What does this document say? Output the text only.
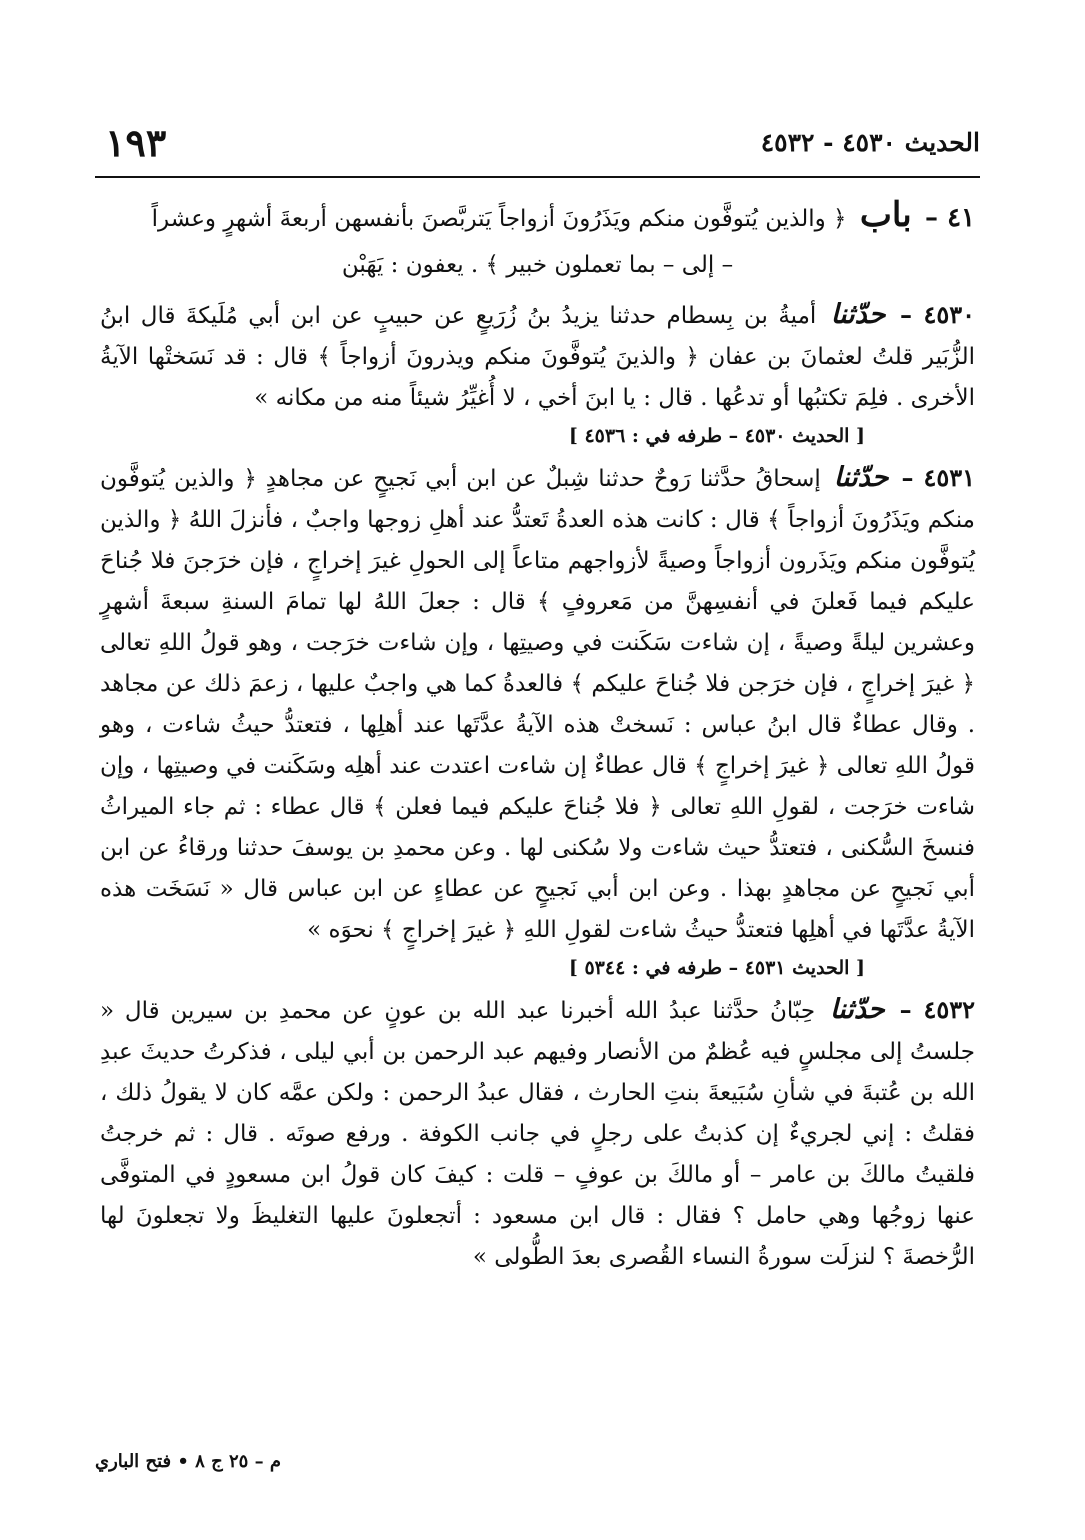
الحديث ٤٥٣٠ - ٤٥٣٢
١٩٣

٤١ – باب ﴿ والذين يُتوفَّون منكم ويَذَرُونَ أزواجاً يَتربَّصنَ بأنفسهن أربعةَ أشهرٍ وعشراً
– إلى – بما تعملون خبير ﴾ . يعفون : يَهَبْن

٤٥٣٠ – حدّثنا أميةُ بن بِسطام حدثنا يزيدُ بنُ زُرَيعٍ عن حبيبٍ عن ابن أبي مُلَيكةَ قال ابنُ الزُّبَير قلتُ لعثمانَ بن عفان ﴿ والذينَ يُتوفَّونَ منكم ويذرونَ أزواجاً ﴾ قال : قد نَسَختْها الآيةُ الأخرى . فلِمَ تكتبُها أو تدعُها . قال : يا ابنَ أخي ، لا أُغيِّرُ شيئاً منه من مكانه »

[ الحديث ٤٥٣٠ – طرفه في : ٤٥٣٦ ]

٤٥٣١ – حدّثنا إسحاقُ حدَّثنا رَوحٌ حدثنا شِبلٌ عن ابن أبي نَجيحٍ عن مجاهدٍ ﴿ والذين يُتوفَّون منكم ويَذَرُونَ أزواجاً ﴾ قال : كانت هذه العدةُ تَعتدُّ عند أهلِ زوجها واجبٌ ، فأنزلَ اللهُ ﴿ والذين يُتوفَّون منكم ويَذَرون أزواجاً وصيةً لأزواجهم متاعاً إلى الحولِ غيرَ إخراجٍ ، فإن خرَجنَ فلا جُناحَ عليكم فيما فَعلنَ في أنفسِهنَّ من مَعروفٍ ﴾ قال : جعلَ اللهُ لها تمامَ السنةِ سبعةَ أشهرٍ وعشرين ليلةً وصيةً ، إن شاءت سَكَنت في وصيتِها ، وإن شاءت خرَجت ، وهو قولُ اللهِ تعالى ﴿ غيرَ إخراجٍ ، فإن خرَجن فلا جُناحَ عليكم ﴾ فالعدةُ كما هي واجبٌ عليها ، زعمَ ذلك عن مجاهد . وقال عطاءٌ قال ابنُ عباس : نَسختْ هذه الآيةُ عدَّتَها عند أهلِها ، فتعتدُّ حيثُ شاءت ، وهو قولُ اللهِ تعالى ﴿ غيرَ إخراجٍ ﴾ قال عطاءٌ إن شاءت اعتدت عند أهلِه وسَكَنت في وصيتِها ، وإن شاءت خرَجت ، لقولِ اللهِ تعالى ﴿ فلا جُناحَ عليكم فيما فعلن ﴾ قال عطاء : ثم جاء الميراثُ فنسخَ السُّكنى ، فتعتدُّ حيث شاءت ولا سُكنى لها . وعن محمدِ بن يوسفَ حدثنا ورقاءُ عن ابن أبي نَجيحٍ عن مجاهدٍ بهذا . وعن ابن أبي نَجيحٍ عن عطاءٍ عن ابن عباس قال « نَسَخَت هذه الآيةُ عدَّتَها في أهلِها فتعتدُّ حيثُ شاءت لقولِ اللهِ ﴿ غيرَ إخراجٍ ﴾ نحوَه »

[ الحديث ٤٥٣١ – طرفه في : ٥٣٤٤ ]

٤٥٣٢ – حدّثنا حِبّانُ حدَّثنا عبدُ الله أخبرنا عبد الله بن عونٍ عن محمدِ بن سيرين قال « جلستُ إلى مجلسٍ فيه عُظمٌ من الأنصار وفيهم عبد الرحمن بن أبي ليلى ، فذكرتُ حديثَ عبدِ الله بن عُتبةَ في شأنِ سُبَيعةَ بنتِ الحارث ، فقال عبدُ الرحمن : ولكن عمَّه كان لا يقولُ ذلك ، فقلتُ : إني لجريءٌ إن كذبتُ على رجلٍ في جانب الكوفة . ورفع صوتَه . قال : ثم خرجتُ فلقيتُ مالكَ بن عامر – أو مالكَ بن عوفٍ – قلت : كيفَ كان قولُ ابن مسعودٍ في المتوفَّى عنها زوجُها وهي حامل ؟ فقال : قال ابن مسعود : أتجعلونَ عليها التغليظَ ولا تجعلونَ لها الرُّخصةَ ؟ لنزلَت سورةُ النساء القُصرى بعدَ الطُّولى »

م – ٢٥ ج ٨ • فتح الباري
